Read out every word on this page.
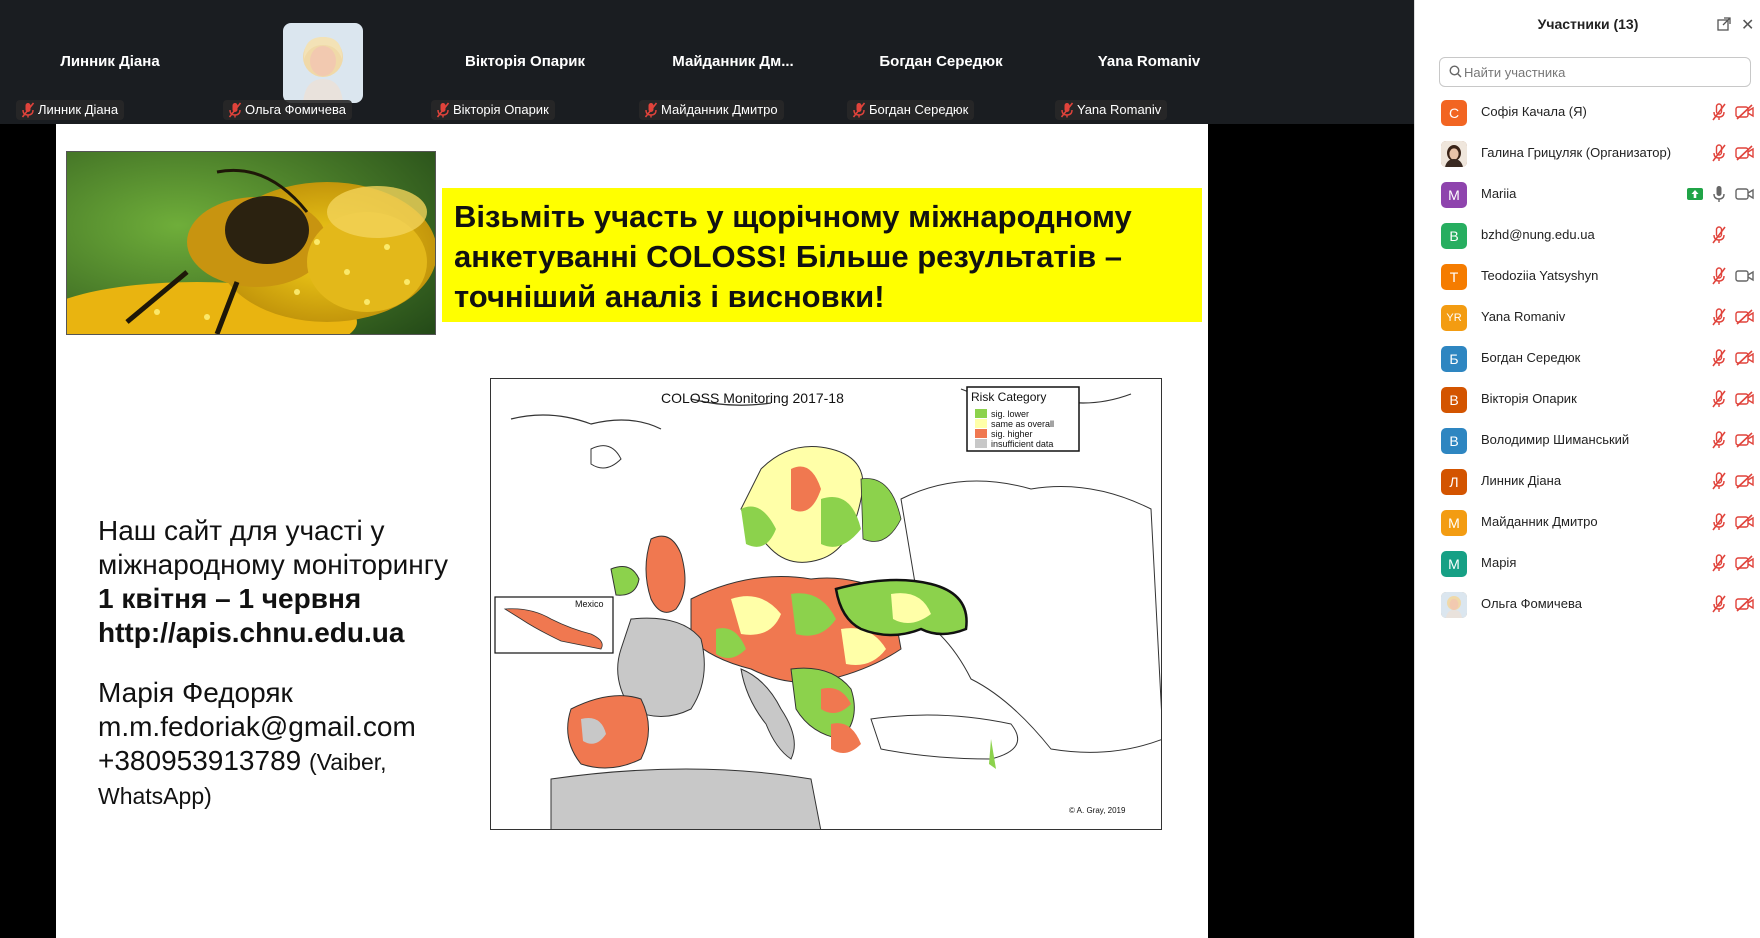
Линник Діана
Линник Діана	Ольга Фомичева
Вікторія Опарик
Вікторія Опарик
Майданник Дм...
Майданник Дмитро
Богдан Середюк
Богдан Середюк
Yana Romaniv
Yana Romaniv
Візьміть участь у щорічному міжнародному
анкетуванні COLOSS! Більше результатів –
точніший аналіз і висновки!
Наш сайт для участі у
міжнародному моніторингу
1 квітня – 1 червня
http://apis.chnu.edu.ua
Марія Федоряк
m.m.fedoriak@gmail.com
+380953913789 (Vaiber,
WhatsApp)
COLOSS Monitoring 2017-18	Risk Category
sig. lower
same as overall
sig. higher
insufficient data
Mexico
© A. Gray, 2019
Участники (13)	✕
Найти участника
С	Софія Качала (Я)
Галина Грицуляк (Организатор)
M	Mariia
B	bzhd@nung.edu.ua
T	Teodoziia Yatsyshyn
YR	Yana Romaniv
Б	Богдан Середюк
В	Вікторія Опарик
В	Володимир Шиманський
Л	Линник Діана
М	Майданник Дмитро
М	Марія
Ольга Фомичева
